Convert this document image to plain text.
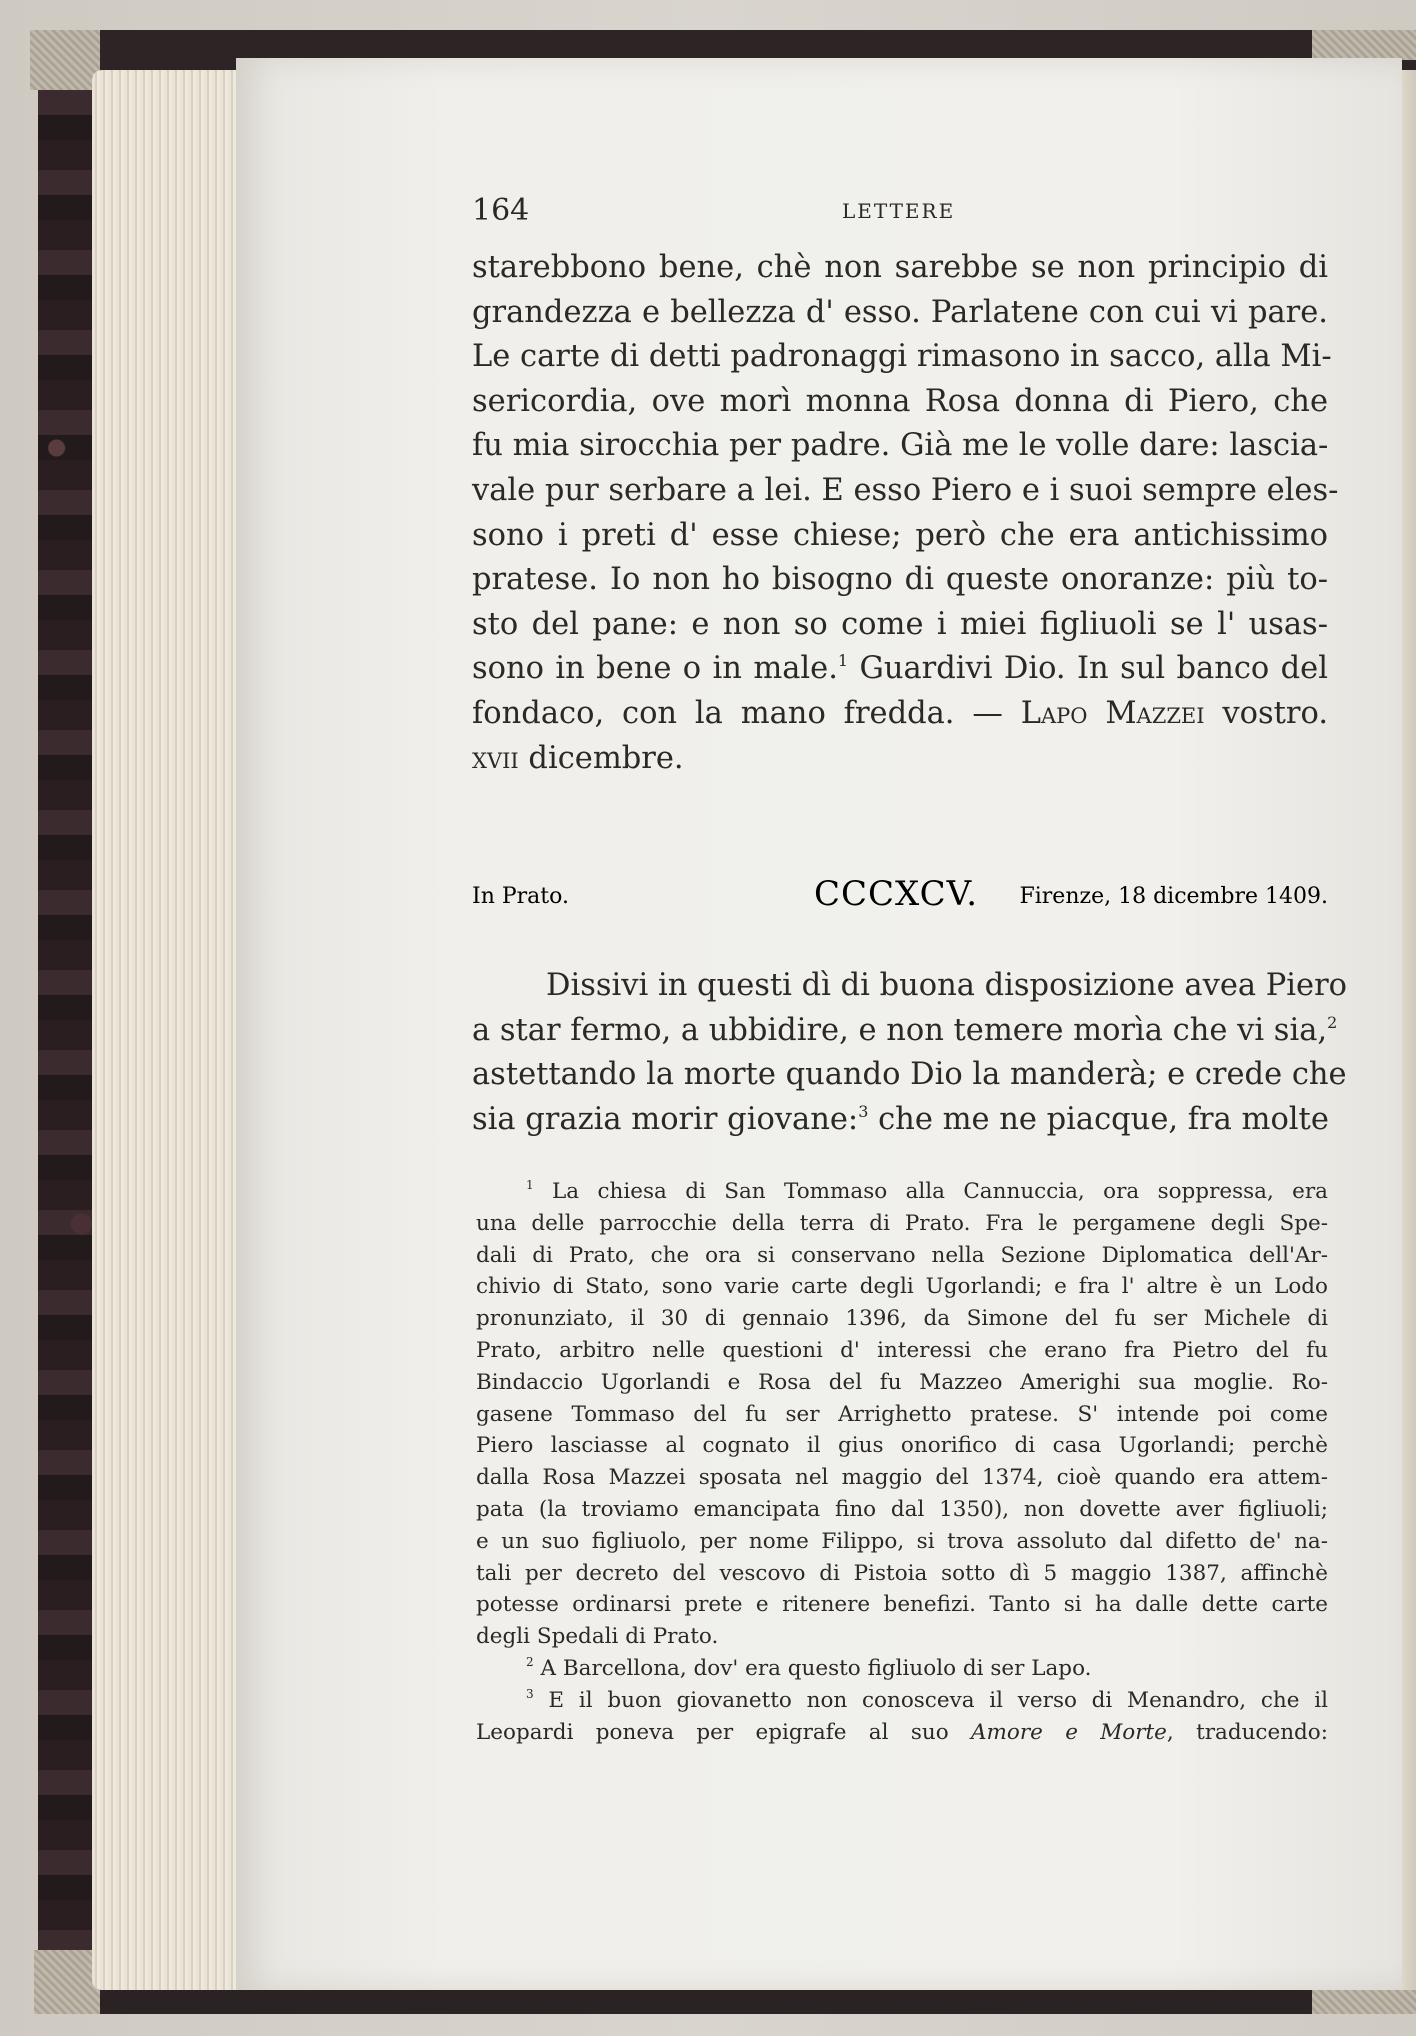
164	LETTERE
starebbono bene, chè non sarebbe se non principio di
grandezza e bellezza d' esso. Parlatene con cui vi pare.
Le carte di detti padronaggi rimasono in sacco, alla Mi-
sericordia, ove morì monna Rosa donna di Piero, che
fu mia sirocchia per padre. Già me le volle dare: lascia-
vale pur serbare a lei. E esso Piero e i suoi sempre eles-
sono i preti d' esse chiese; però che era antichissimo
pratese. Io non ho bisogno di queste onoranze: più to-
sto del pane: e non so come i miei figliuoli se l' usas-
sono in bene o in male.$^1$ Guardivi Dio. In sul banco del
fondaco, con la mano fredda. — Lapo Mazzei vostro.
xvii dicembre.
In Prato.	CCCXCV. Firenze, 18 dicembre 1409.
Dissivi in questi dì di buona disposizione avea Piero
a star fermo, a ubbidire, e non temere morìa che vi sia,$^2$
astettando la morte quando Dio la manderà; e crede che
sia grazia morir giovane:$^3$ che me ne piacque, fra molte
$^1$ La chiesa di San Tommaso alla Cannuccia, ora soppressa, era
una delle parrocchie della terra di Prato. Fra le pergamene degli Spe-
dali di Prato, che ora si conservano nella Sezione Diplomatica dell'Ar-
chivio di Stato, sono varie carte degli Ugorlandi; e fra l' altre è un Lodo
pronunziato, il 30 di gennaio 1396, da Simone del fu ser Michele di
Prato, arbitro nelle questioni d' interessi che erano fra Pietro del fu
Bindaccio Ugorlandi e Rosa del fu Mazzeo Amerighi sua moglie. Ro-
gasene Tommaso del fu ser Arrighetto pratese. S' intende poi come
Piero lasciasse al cognato il gius onorifico di casa Ugorlandi; perchè
dalla Rosa Mazzei sposata nel maggio del 1374, cioè quando era attem-
pata (la troviamo emancipata fino dal 1350), non dovette aver figliuoli;
e un suo figliuolo, per nome Filippo, si trova assoluto dal difetto de' na-
tali per decreto del vescovo di Pistoia sotto dì 5 maggio 1387, affinchè
potesse ordinarsi prete e ritenere benefizi. Tanto si ha dalle dette carte
degli Spedali di Prato.
$^2$ A Barcellona, dov' era questo figliuolo di ser Lapo.
$^3$ E il buon giovanetto non conosceva il verso di Menandro, che il
Leopardi poneva per epigrafe al suo Amore e Morte, traducendo:
